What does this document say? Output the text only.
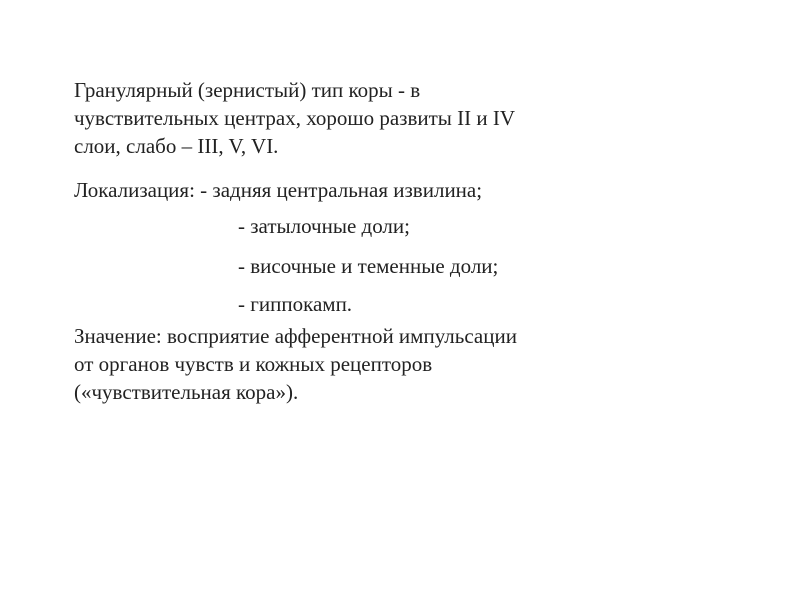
Гранулярный (зернистый) тип коры - в
чувствительных центрах, хорошо развиты II и IV
слои, слабо – III, V, VI.

Локализация: - задняя центральная извилина;

- затылочные доли;

- височные и теменные доли;

- гиппокамп.

Значение: восприятие афферентной импульсации
от органов чувств и кожных рецепторов
(«чувствительная кора»).
